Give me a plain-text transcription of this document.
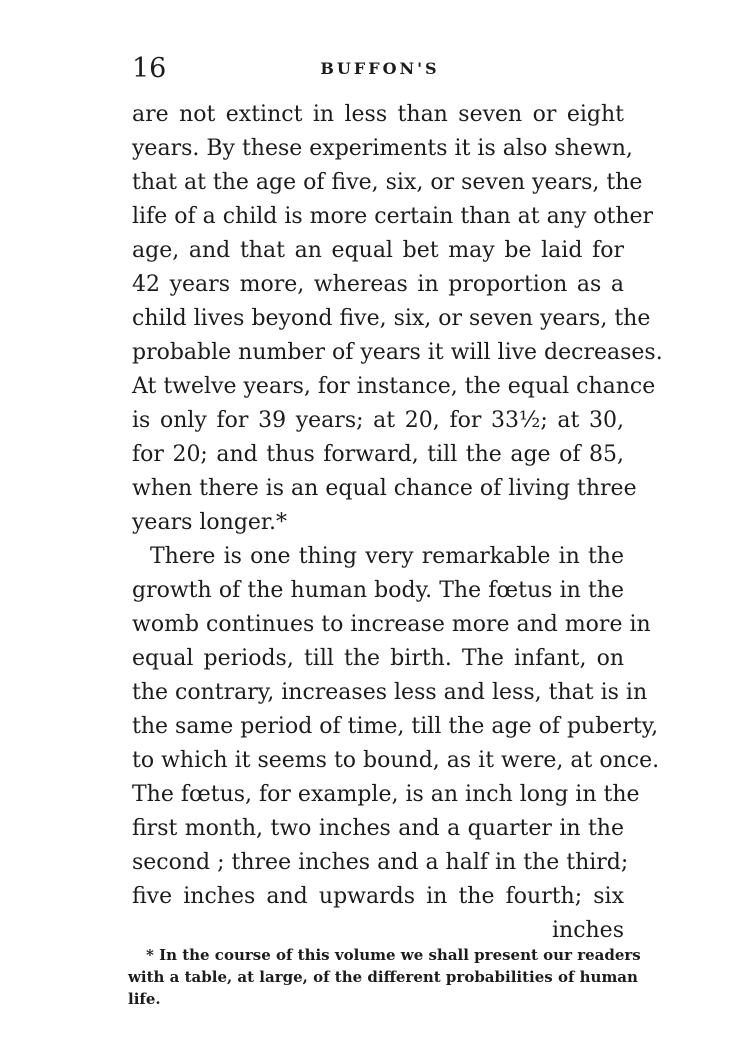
16	BUFFON'S
are not extinct in less than seven or eight
years. By these experiments it is also shewn,
that at the age of five, six, or seven years, the
life of a child is more certain than at any other
age, and that an equal bet may be laid for
42 years more, whereas in proportion as a
child lives beyond five, six, or seven years, the
probable number of years it will live decreases.
At twelve years, for instance, the equal chance
is only for 39 years; at 20, for 33½; at 30,
for 20; and thus forward, till the age of 85,
when there is an equal chance of living three
years longer.*
There is one thing very remarkable in the
growth of the human body. The fœtus in the
womb continues to increase more and more in
equal periods, till the birth. The infant, on
the contrary, increases less and less, that is in
the same period of time, till the age of puberty,
to which it seems to bound, as it were, at once.
The fœtus, for example, is an inch long in the
first month, two inches and a quarter in the
second ; three inches and a half in the third;
five inches and upwards in the fourth; six
inches
* In the course of this volume we shall present our readers
with a table, at large, of the different probabilities of human
life.
